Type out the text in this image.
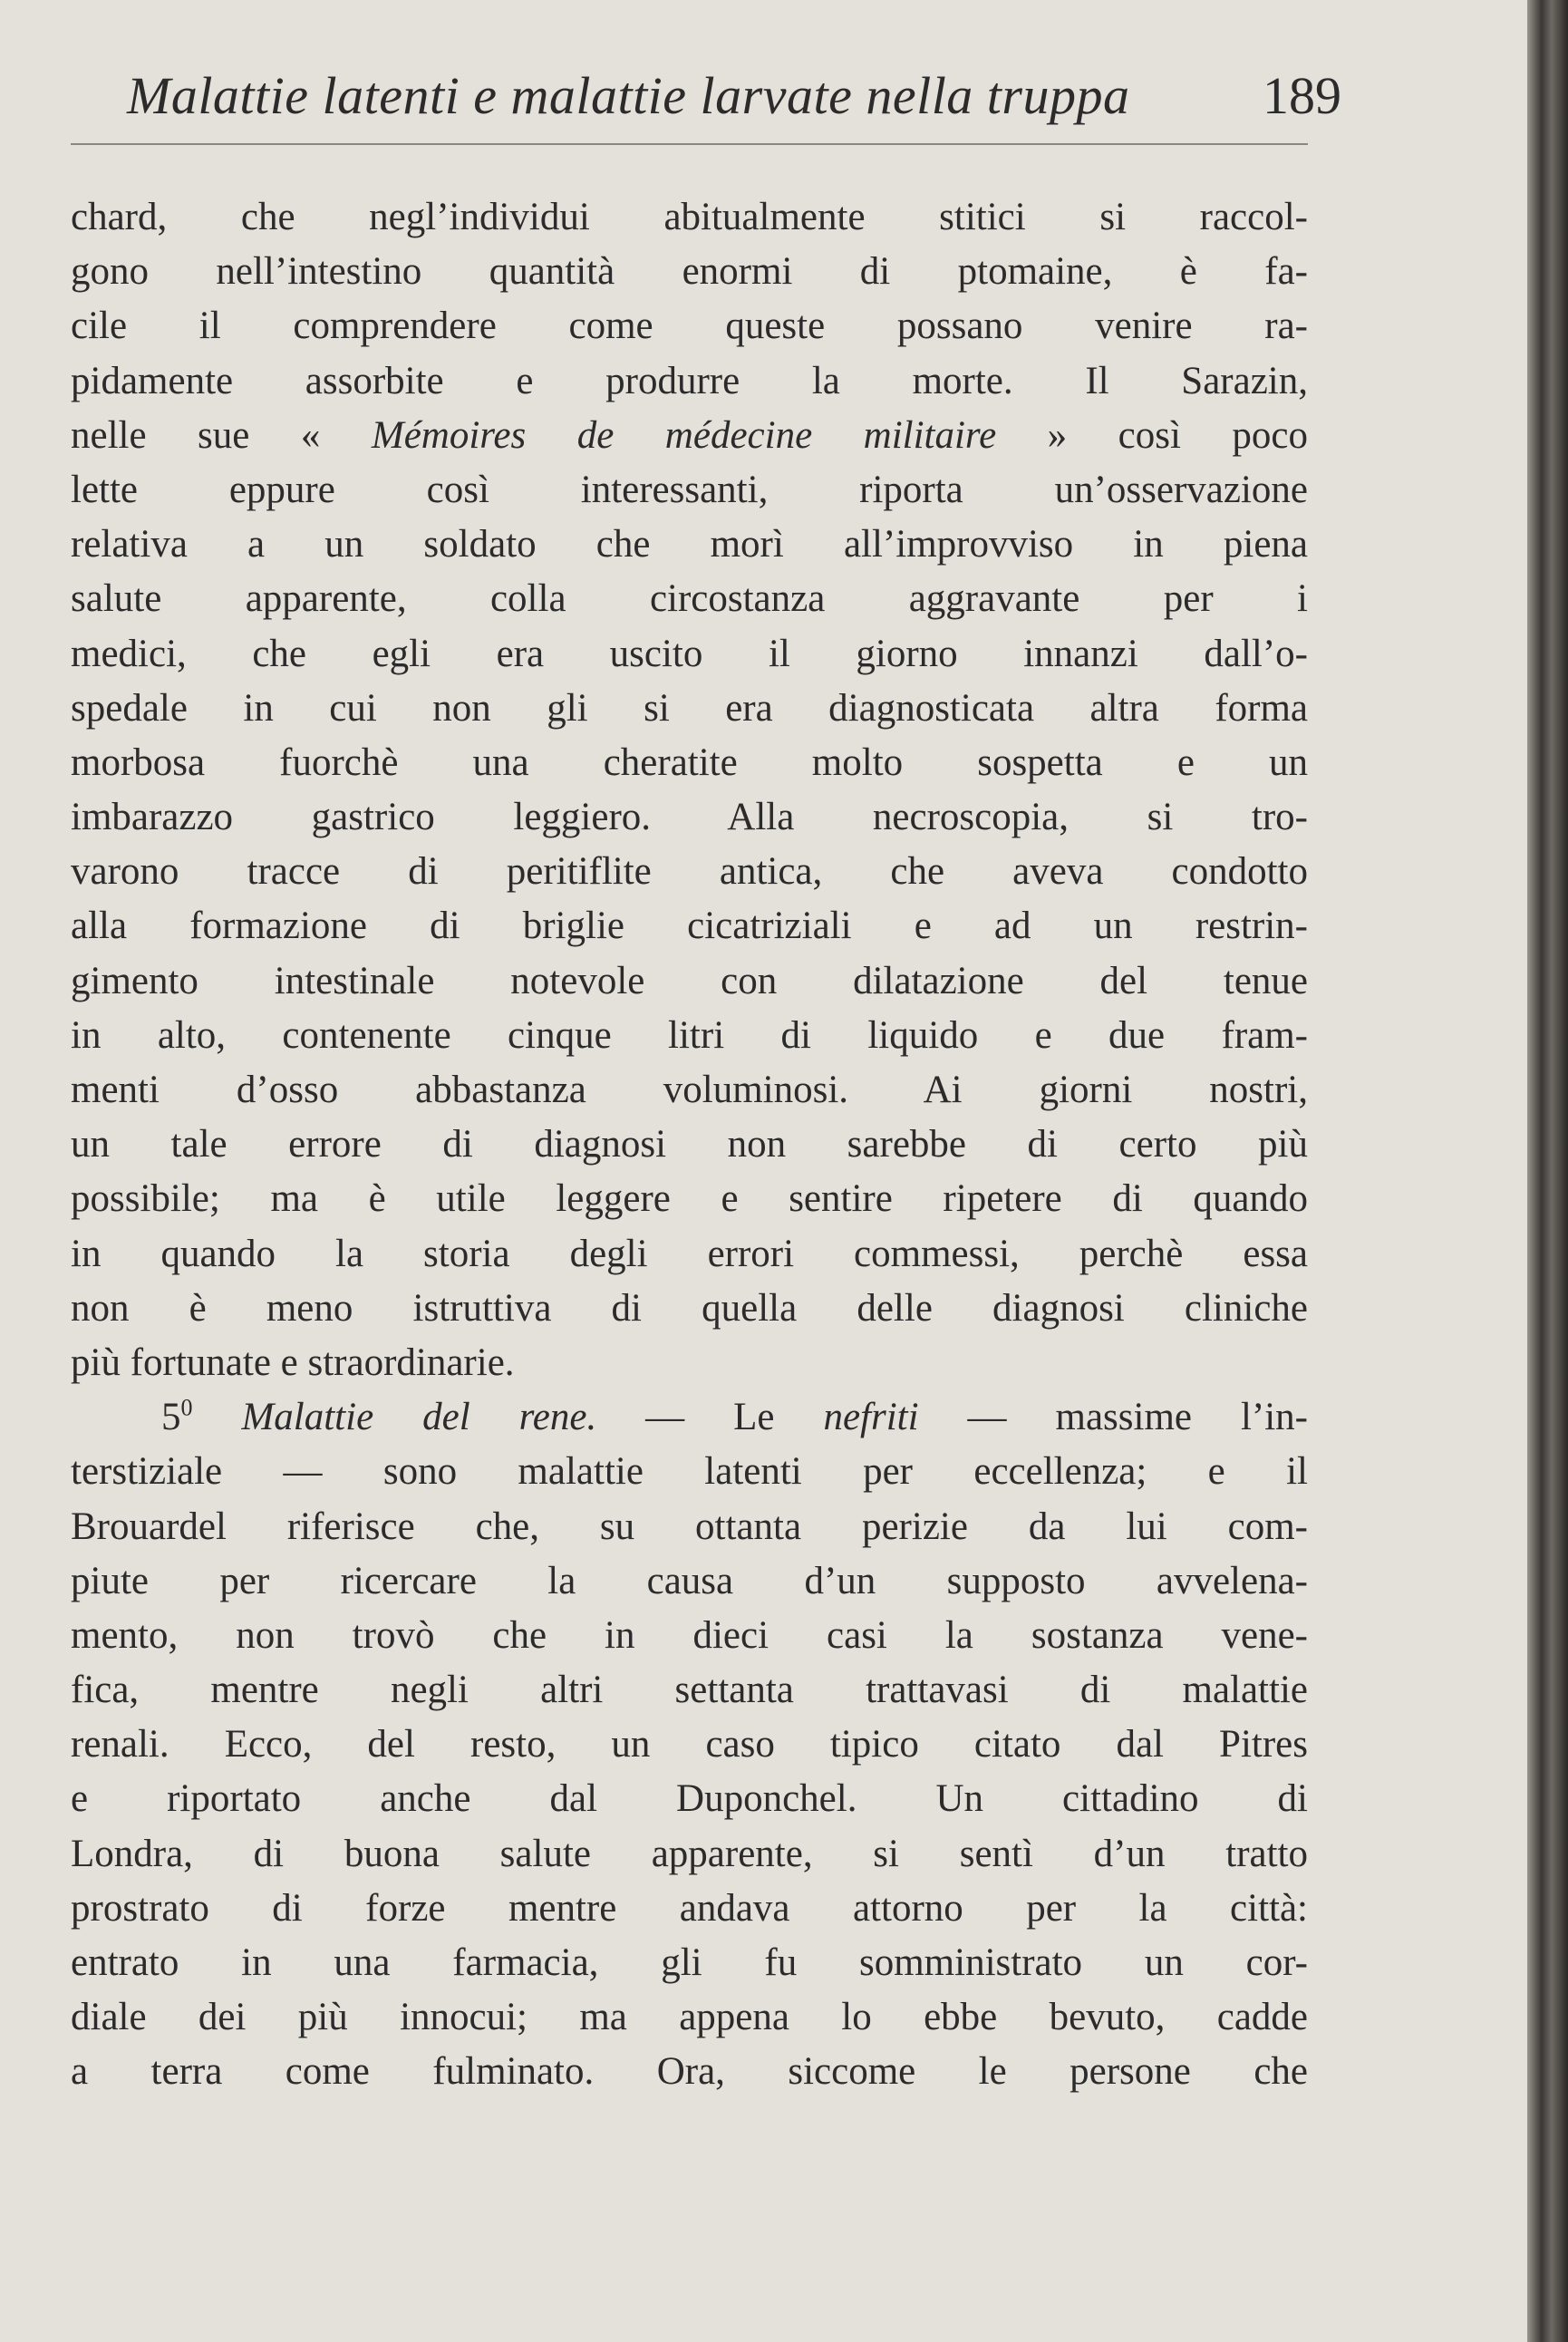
Malattie latenti e malattie larvate nella truppa	189
chard, che negl’individui abitualmente stitici si raccol-
gono nell’intestino quantità enormi di ptomaine, è fa-
cile il comprendere come queste possano venire ra-
pidamente assorbite e produrre la morte. Il Sarazin,
nelle sue « Mémoires de médecine militaire » così poco
lette eppure così interessanti, riporta un’osservazione
relativa a un soldato che morì all’improvviso in piena
salute apparente, colla circostanza aggravante per i
medici, che egli era uscito il giorno innanzi dall’o-
spedale in cui non gli si era diagnosticata altra forma
morbosa fuorchè una cheratite molto sospetta e un
imbarazzo gastrico leggiero. Alla necroscopia, si tro-
varono tracce di peritiflite antica, che aveva condotto
alla formazione di briglie cicatriziali e ad un restrin-
gimento intestinale notevole con dilatazione del tenue
in alto, contenente cinque litri di liquido e due fram-
menti d’osso abbastanza voluminosi. Ai giorni nostri,
un tale errore di diagnosi non sarebbe di certo più
possibile; ma è utile leggere e sentire ripetere di quando
in quando la storia degli errori commessi, perchè essa
non è meno istruttiva di quella delle diagnosi cliniche
più fortunate e straordinarie.
$5^0$ Malattie del rene. — Le nefriti — massime l’in-
terstiziale — sono malattie latenti per eccellenza; e il
Brouardel riferisce che, su ottanta perizie da lui com-
piute per ricercare la causa d’un supposto avvelena-
mento, non trovò che in dieci casi la sostanza vene-
fica, mentre negli altri settanta trattavasi di malattie
renali. Ecco, del resto, un caso tipico citato dal Pitres
e riportato anche dal Duponchel. Un cittadino di
Londra, di buona salute apparente, si sentì d’un tratto
prostrato di forze mentre andava attorno per la città:
entrato in una farmacia, gli fu somministrato un cor-
diale dei più innocui; ma appena lo ebbe bevuto, cadde
a terra come fulminato. Ora, siccome le persone che
